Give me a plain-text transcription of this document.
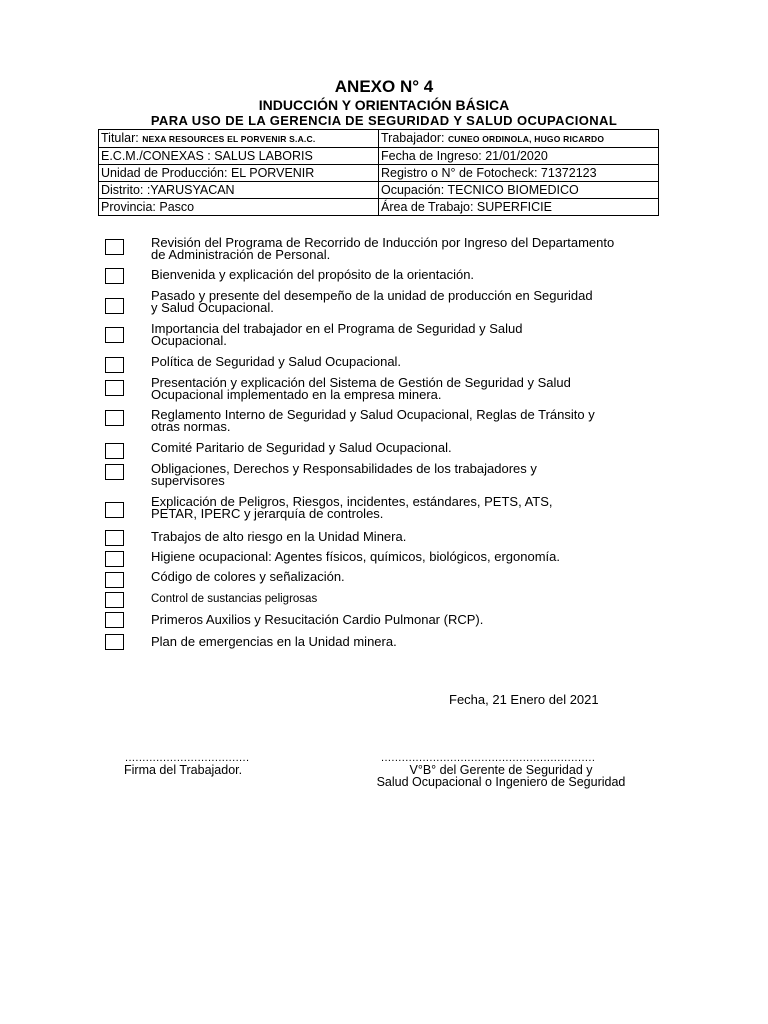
ANEXO N° 4
INDUCCIÓN Y ORIENTACIÓN BÁSICA
PARA USO DE LA GERENCIA DE SEGURIDAD Y SALUD OCUPACIONAL
Titular: NEXA RESOURCES EL PORVENIR S.A.C.	Trabajador: CUNEO ORDINOLA, HUGO RICARDO
E.C.M./CONEXAS : SALUS LABORIS	Fecha de Ingreso: 21/01/2020
Unidad de Producción: EL PORVENIR	Registro o N° de Fotocheck: 71372123
Distrito: :YARUSYACAN	Ocupación: TECNICO BIOMEDICO
Provincia: Pasco	Área de Trabajo: SUPERFICIE
Revisión del Programa de Recorrido de Inducción por Ingreso del Departamento
de Administración de Personal.
Bienvenida y explicación del propósito de la orientación.
Pasado y presente del desempeño de la unidad de producción en Seguridad
y Salud Ocupacional.
Importancia del trabajador en el Programa de Seguridad y Salud
Ocupacional.
Política de Seguridad y Salud Ocupacional.
Presentación y explicación del Sistema de Gestión de Seguridad y Salud
Ocupacional implementado en la empresa minera.
Reglamento Interno de Seguridad y Salud Ocupacional, Reglas de Tránsito y
otras normas.
Comité Paritario de Seguridad y Salud Ocupacional.
Obligaciones, Derechos y Responsabilidades de los trabajadores y
supervisores
Explicación de Peligros, Riesgos, incidentes, estándares, PETS, ATS,
PETAR, IPERC y jerarquía de controles.
Trabajos de alto riesgo en la Unidad Minera.
Higiene ocupacional: Agentes físicos, químicos, biológicos, ergonomía.
Código de colores y señalización.
Control de sustancias peligrosas
Primeros Auxilios y Resucitación Cardio Pulmonar (RCP).
Plan de emergencias en la Unidad minera.
Fecha, 21 Enero del 2021
....................................	..............................................................
Firma del Trabajador.	V°B° del Gerente de Seguridad y
Salud Ocupacional o Ingeniero de Seguridad
